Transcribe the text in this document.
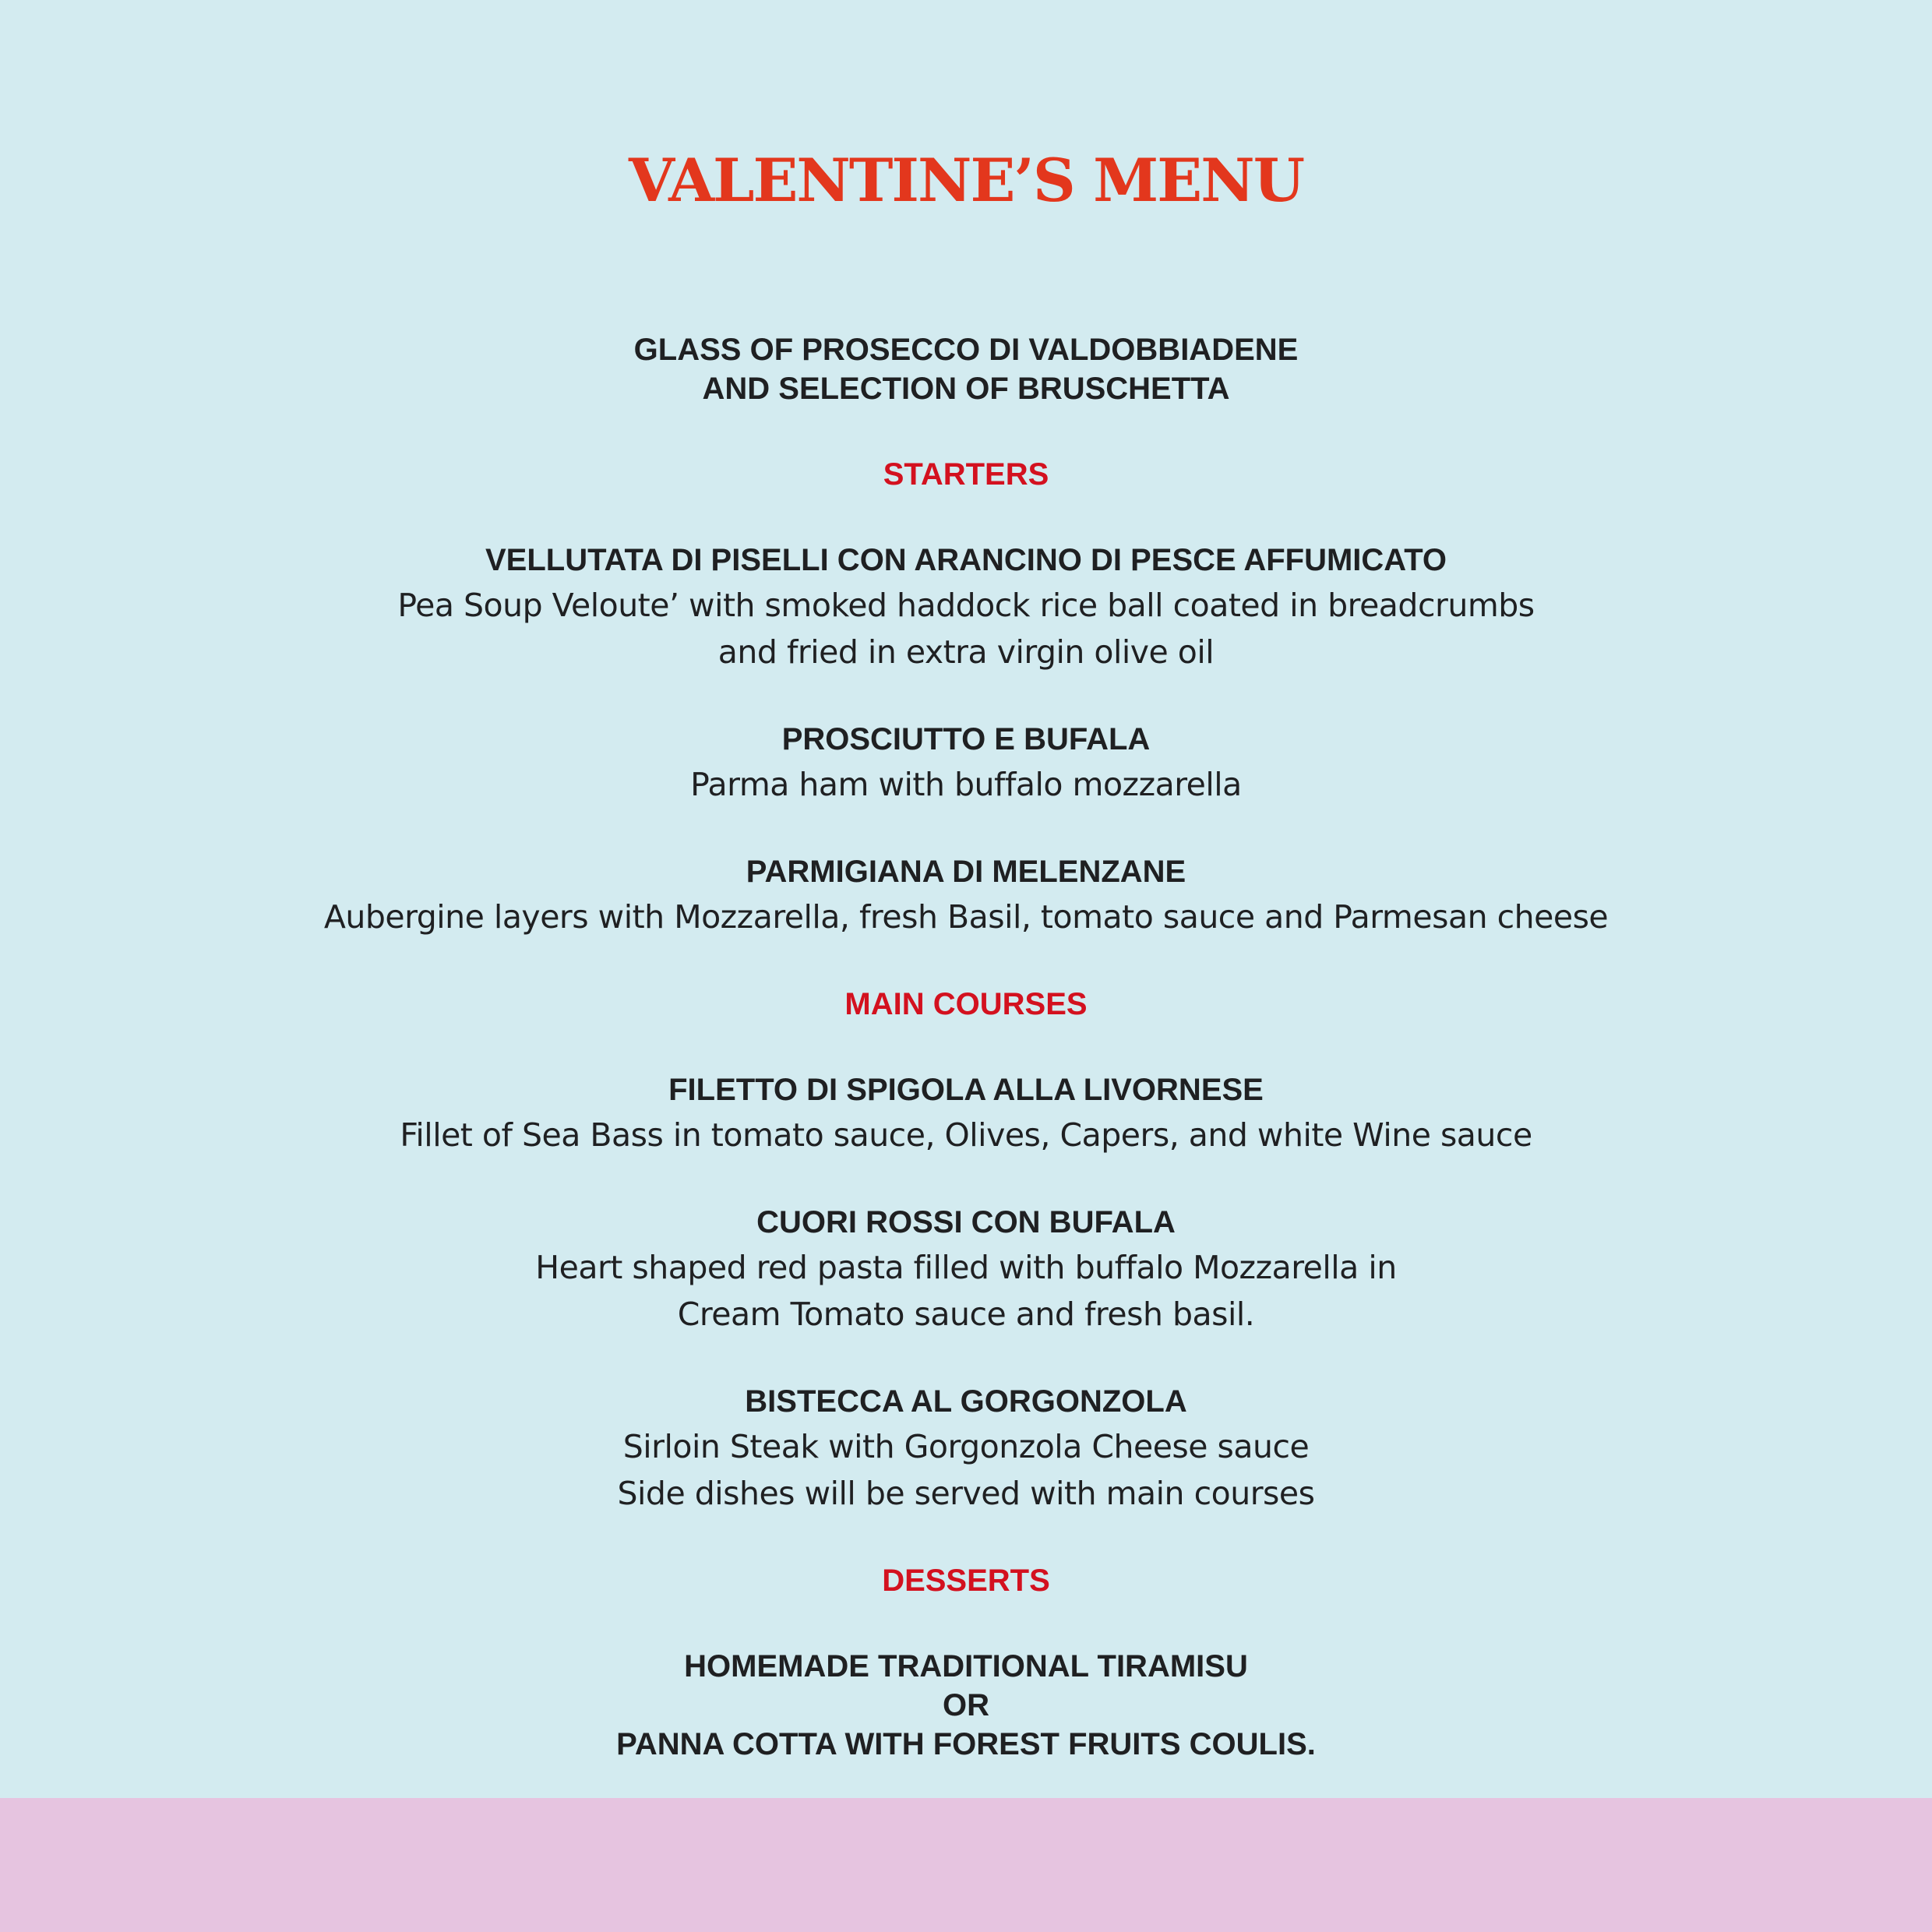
VALENTINE’S MENU
GLASS OF PROSECCO DI VALDOBBIADENE
AND SELECTION OF BRUSCHETTA
STARTERS
VELLUTATA DI PISELLI CON ARANCINO DI PESCE AFFUMICATO
Pea Soup Veloute’ with smoked haddock rice ball coated in breadcrumbs
and fried in extra virgin olive oil
PROSCIUTTO E BUFALA
Parma ham with buffalo mozzarella
PARMIGIANA DI MELENZANE
Aubergine layers with Mozzarella, fresh Basil, tomato sauce and Parmesan cheese
MAIN COURSES
FILETTO DI SPIGOLA ALLA LIVORNESE
Fillet of Sea Bass in tomato sauce, Olives, Capers, and white Wine sauce
CUORI ROSSI CON BUFALA
Heart shaped red pasta filled with buffalo Mozzarella in
Cream Tomato sauce and fresh basil.
BISTECCA AL GORGONZOLA
Sirloin Steak with Gorgonzola Cheese sauce
Side dishes will be served with main courses
DESSERTS
HOMEMADE TRADITIONAL TIRAMISU
OR
PANNA COTTA WITH FOREST FRUITS COULIS.
